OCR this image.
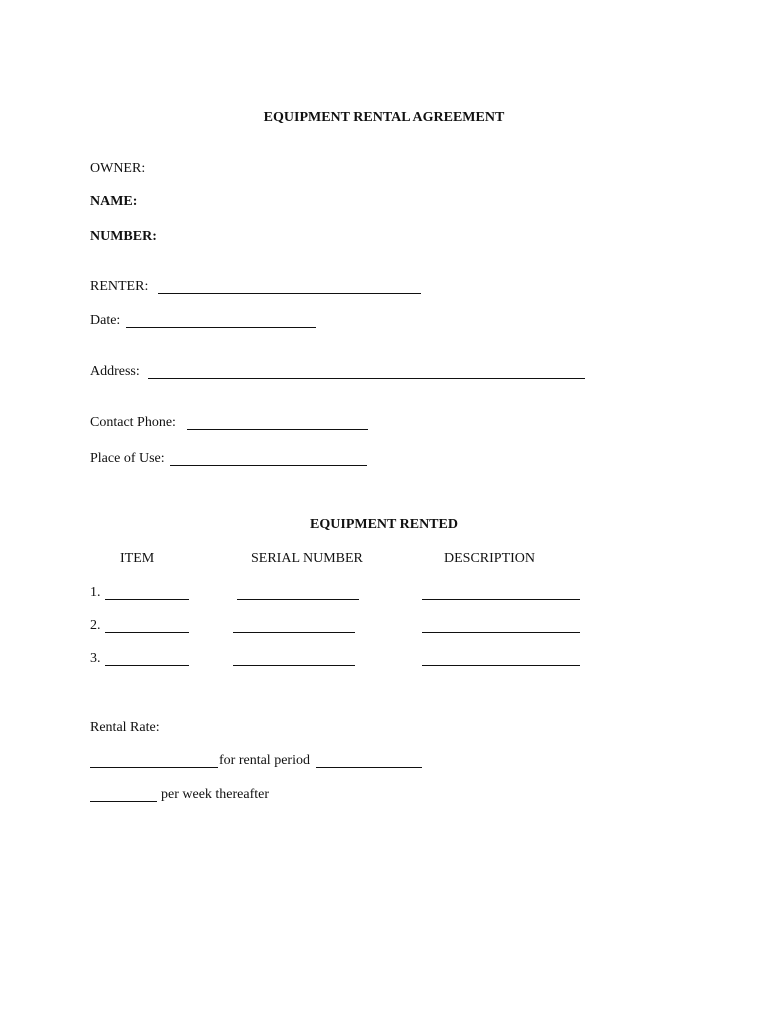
EQUIPMENT RENTAL AGREEMENT
OWNER:
NAME:
NUMBER:
RENTER:
Date:
Address:
Contact Phone:
Place of Use:
EQUIPMENT RENTED
ITEM	SERIAL NUMBER	DESCRIPTION
1.
2.
3.
Rental Rate:
for rental period
per week thereafter
